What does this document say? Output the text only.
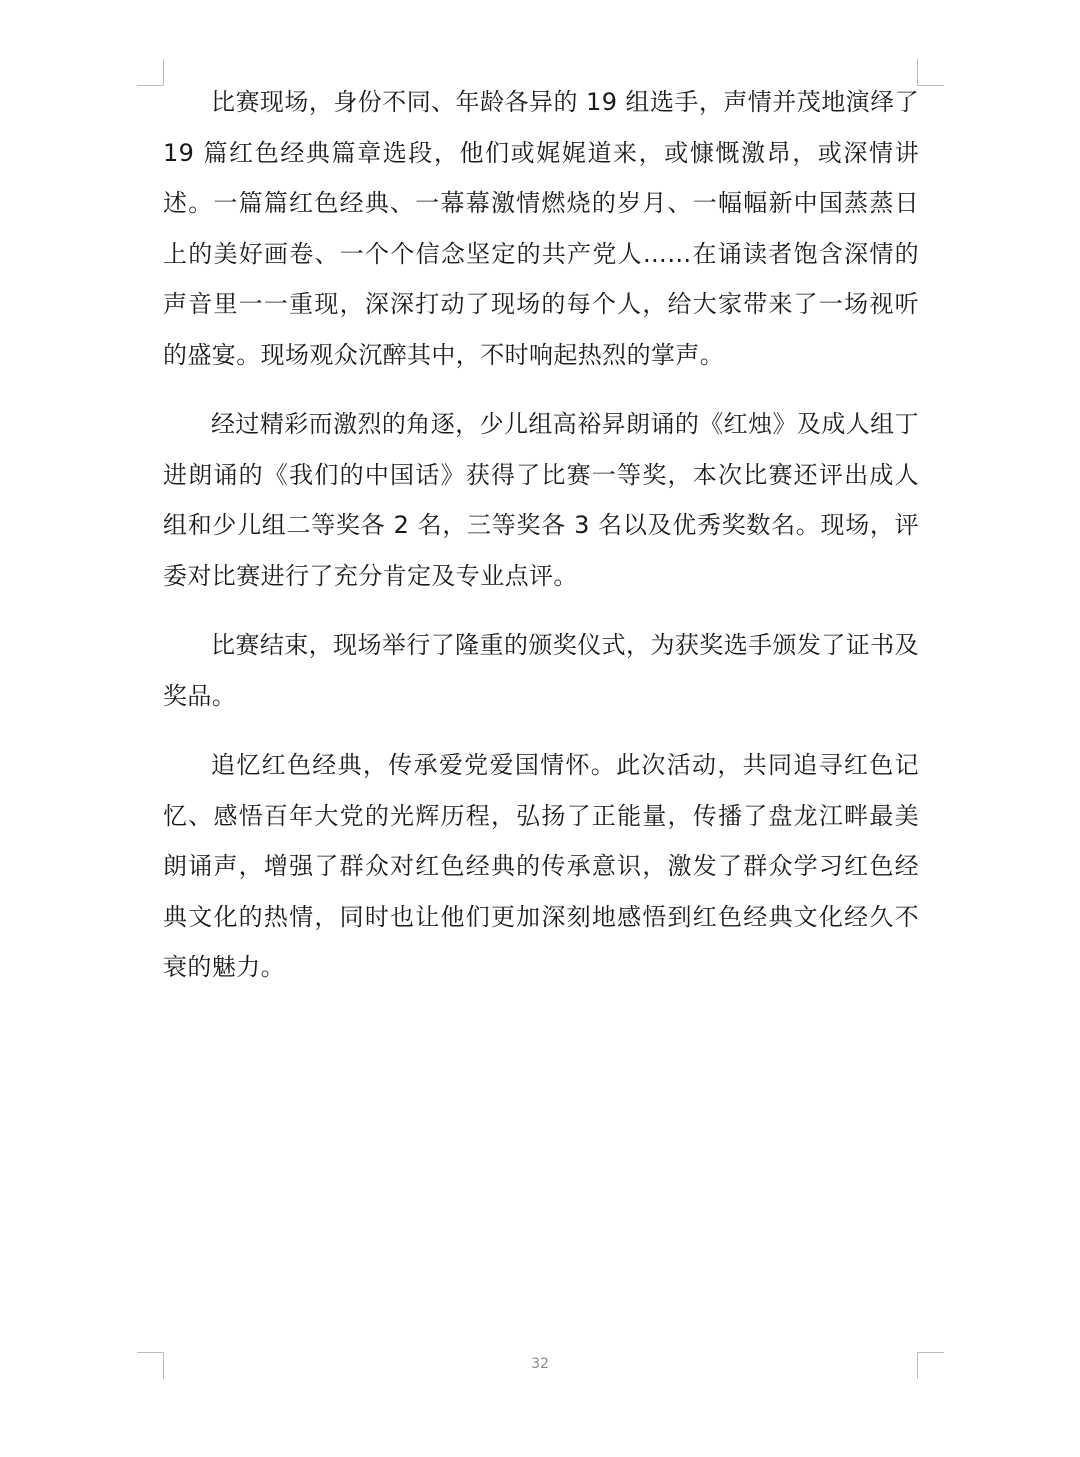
比赛现场，身份不同、年龄各异的 19 组选手，声情并茂地演绎了 19 篇红色经典篇章选段，他们或娓娓道来，或慷慨激昂，或深情讲述。一篇篇红色经典、一幕幕激情燃烧的岁月、一幅幅新中国蒸蒸日上的美好画卷、一个个信念坚定的共产党人……在诵读者饱含深情的声音里一一重现，深深打动了现场的每个人，给大家带来了一场视听的盛宴。现场观众沉醉其中，不时响起热烈的掌声。

经过精彩而激烈的角逐，少儿组高裕昇朗诵的《红烛》及成人组丁进朗诵的《我们的中国话》获得了比赛一等奖，本次比赛还评出成人组和少儿组二等奖各 2 名，三等奖各 3 名以及优秀奖数名。现场，评委对比赛进行了充分肯定及专业点评。

比赛结束，现场举行了隆重的颁奖仪式，为获奖选手颁发了证书及奖品。

追忆红色经典，传承爱党爱国情怀。此次活动，共同追寻红色记忆、感悟百年大党的光辉历程，弘扬了正能量，传播了盘龙江畔最美朗诵声，增强了群众对红色经典的传承意识，激发了群众学习红色经典文化的热情，同时也让他们更加深刻地感悟到红色经典文化经久不衰的魅力。

32
